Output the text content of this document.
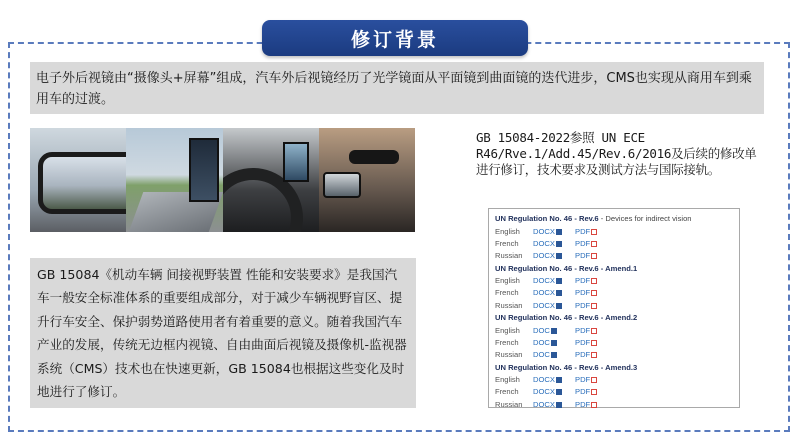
修订背景
电子外后视镜由“摄像头+屏幕”组成，汽车外后视镜经历了光学镜面从平面镜到曲面镜的迭代进步，CMS也实现从商用车到乘用车的过渡。
GB 15084-2022参照 UN ECE R46/Rve.1/Add.45/Rev.6/2016及后续的修改单进行修订，技术要求及测试方法与国际接轨。
GB 15084《机动车辆 间接视野装置 性能和安装要求》是我国汽车一般安全标准体系的重要组成部分，对于减少车辆视野盲区、提升行车安全、保护弱势道路使用者有着重要的意义。随着我国汽车产业的发展，传统无边框内视镜、自由曲面后视镜及摄像机-监视器系统（CMS）技术也在快速更新，GB 15084也根据这些变化及时地进行了修订。
UN Regulation No. 46 - Rev.6 - Devices for indirect vision
English	DOCX	PDF
French	DOCX	PDF
Russian	DOCX	PDF
UN Regulation No. 46 - Rev.6 - Amend.1
English	DOCX	PDF
French	DOCX	PDF
Russian	DOCX	PDF
UN Regulation No. 46 - Rev.6 - Amend.2
English	DOC	PDF
French	DOC	PDF
Russian	DOC	PDF
UN Regulation No. 46 - Rev.6 - Amend.3
English	DOCX	PDF
French	DOCX	PDF
Russian	DOCX	PDF
